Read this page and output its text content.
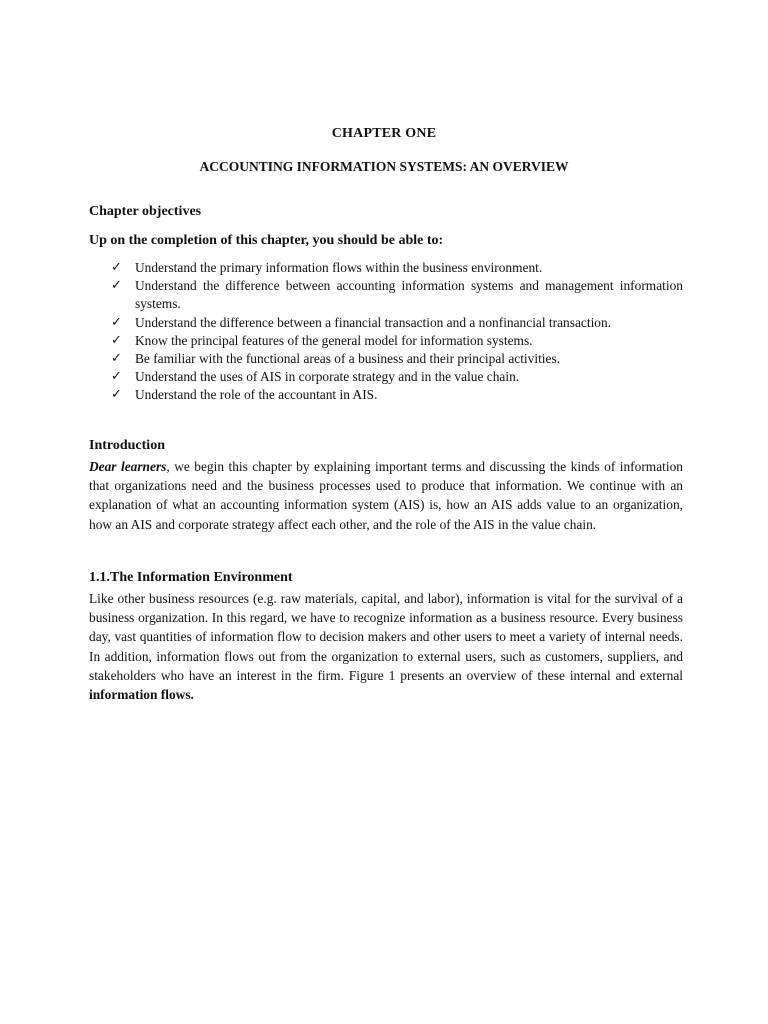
CHAPTER ONE
ACCOUNTING INFORMATION SYSTEMS: AN OVERVIEW
Chapter objectives
Up on the completion of this chapter, you should be able to:
✓ Understand the primary information flows within the business environment.
✓ Understand the difference between accounting information systems and management information systems.
✓ Understand the difference between a financial transaction and a nonfinancial transaction.
✓ Know the principal features of the general model for information systems.
✓ Be familiar with the functional areas of a business and their principal activities.
✓ Understand the uses of AIS in corporate strategy and in the value chain.
✓ Understand the role of the accountant in AIS.
Introduction

Dear learners, we begin this chapter by explaining important terms and discussing the kinds of information that organizations need and the business processes used to produce that information. We continue with an explanation of what an accounting information system (AIS) is, how an AIS adds value to an organization, how an AIS and corporate strategy affect each other, and the role of the AIS in the value chain.

1.1.The Information Environment

Like other business resources (e.g. raw materials, capital, and labor), information is vital for the survival of a business organization. In this regard, we have to recognize information as a business resource. Every business day, vast quantities of information flow to decision makers and other users to meet a variety of internal needs. In addition, information flows out from the organization to external users, such as customers, suppliers, and stakeholders who have an interest in the firm. Figure 1 presents an overview of these internal and external information flows.
